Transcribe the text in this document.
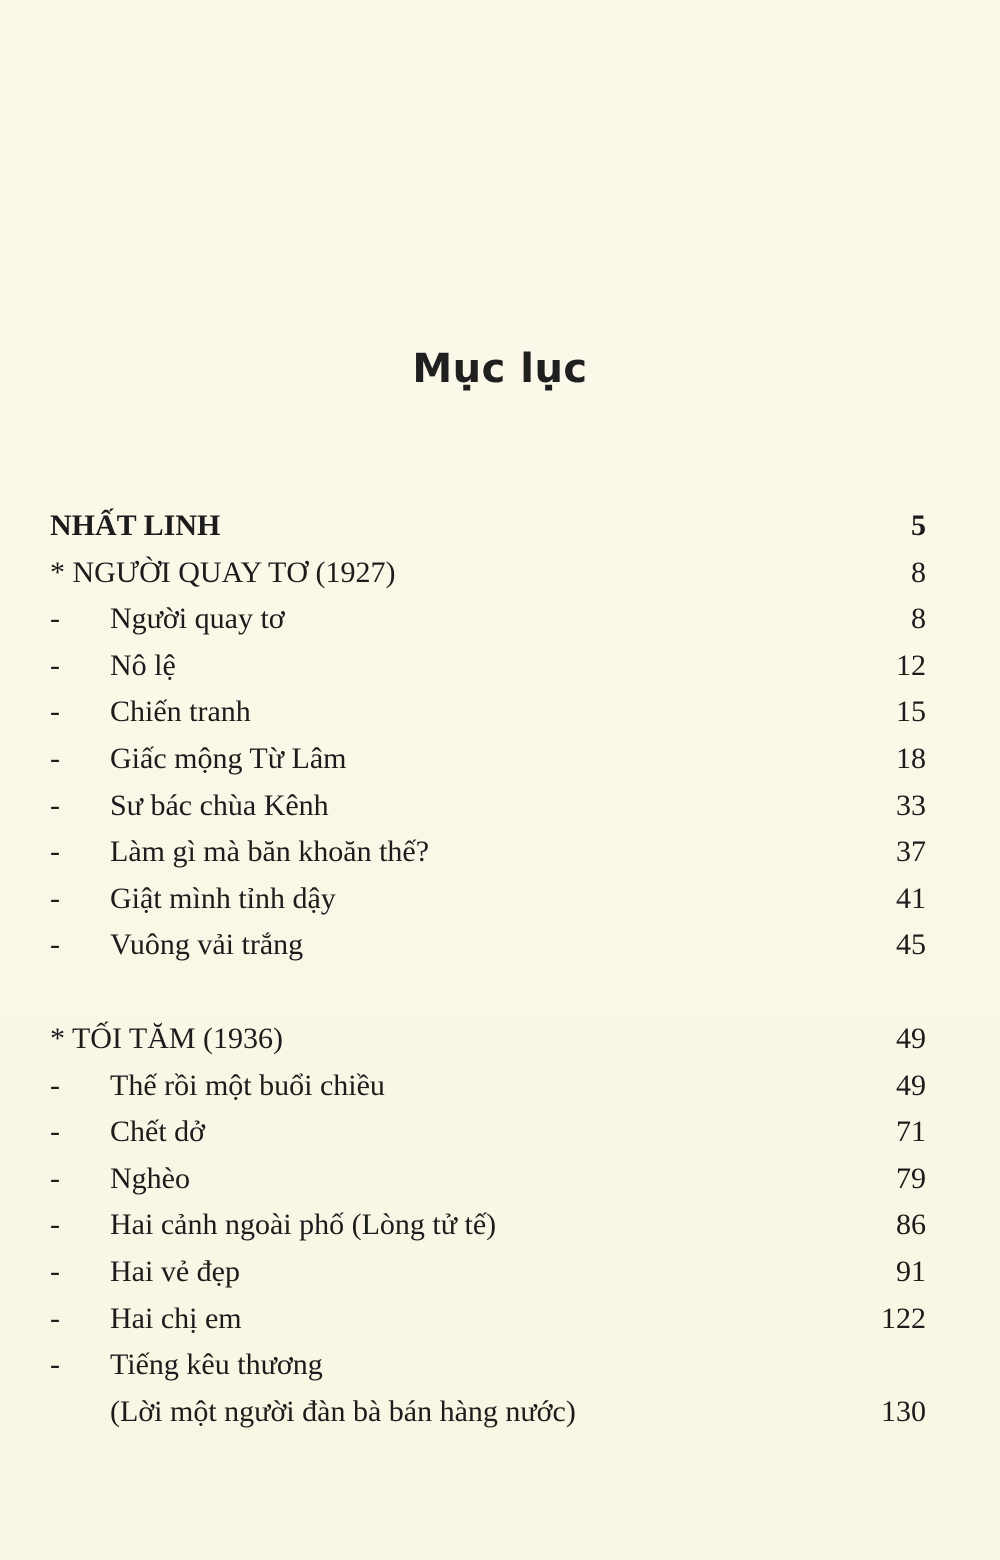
Mục lục
NHẤT LINH	5
* NGƯỜI QUAY TƠ (1927)	8
- Người quay tơ	8
- Nô lệ	12
- Chiến tranh	15
- Giấc mộng Từ Lâm	18
- Sư bác chùa Kênh	33
- Làm gì mà băn khoăn thế?	37
- Giật mình tỉnh dậy	41
- Vuông vải trắng	45
* TỐI TĂM (1936)	49
- Thế rồi một buổi chiều	49
- Chết dở	71
- Nghèo	79
- Hai cảnh ngoài phố (Lòng tử tế)	86
- Hai vẻ đẹp	91
- Hai chị em	122
- Tiếng kêu thương
(Lời một người đàn bà bán hàng nước)	130
